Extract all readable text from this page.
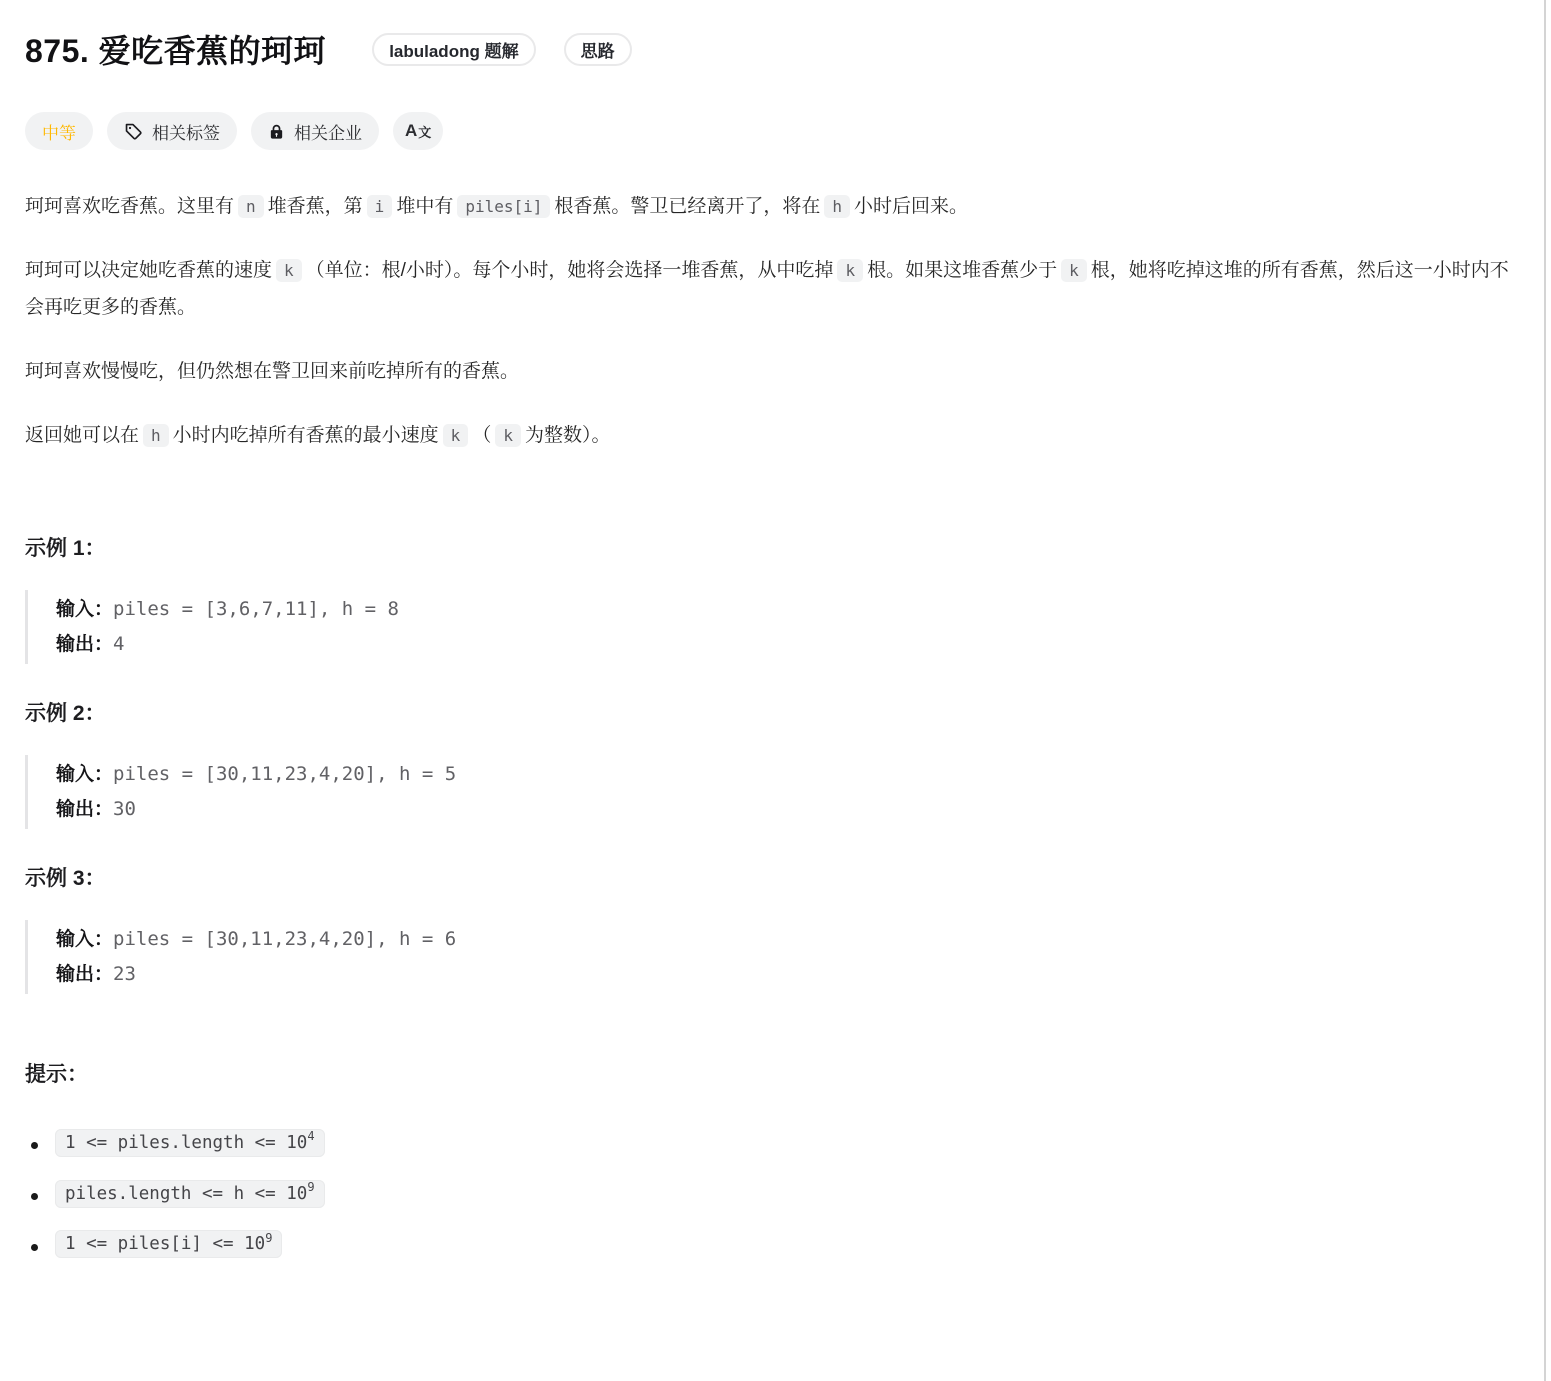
875. 爱吃香蕉的珂珂	labuladong 题解	思路
中等	相关标签	相关企业	A 文

珂珂喜欢吃香蕉。这里有 n 堆香蕉，第 i 堆中有 piles[i] 根香蕉。警卫已经离开了，将在 h 小时后回来。

珂珂可以决定她吃香蕉的速度 k （单位：根/小时）。每个小时，她将会选择一堆香蕉，从中吃掉 k 根。如果这堆香蕉少于 k 根，她将吃掉这堆的所有香蕉，然后这一小时内不会再吃更多的香蕉。

珂珂喜欢慢慢吃，但仍然想在警卫回来前吃掉所有的香蕉。

返回她可以在 h 小时内吃掉所有香蕉的最小速度 k （ k 为整数）。

示例 1：
输入：piles = [3,6,7,11], h = 8
输出：4
示例 2：
输入：piles = [30,11,23,4,20], h = 5
输出：30
示例 3：
输入：piles = [30,11,23,4,20], h = 6
输出：23
提示：
1 <= piles.length <= $10^4$
piles.length <= $h <= 10^9$
1 <= piles[i] <= $10^9$
